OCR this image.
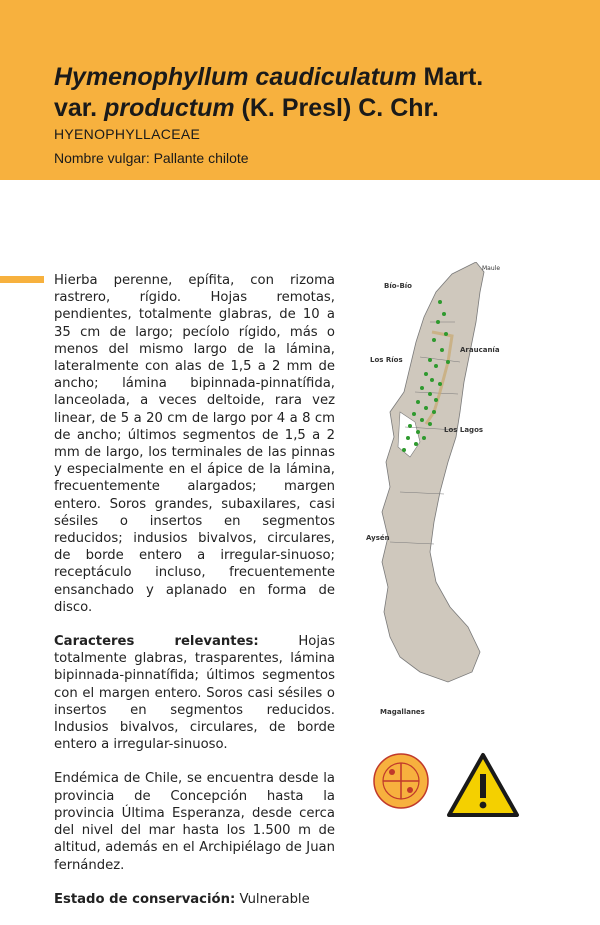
Hymenophyllum caudiculatum Mart.
var. productum (K. Presl) C. Chr.
HYENOPHYLLACEAE
Nombre vulgar: Pallante chilote

Hierba perenne, epífita, con rizoma rastrero, rígido. Hojas remotas, pendientes, totalmente glabras, de 10 a 35 cm de largo; pecíolo rígido, más o menos del mismo largo de la lámina, lateralmente con alas de 1,5 a 2 mm de ancho; lámina bipinnada-pinnatífida, lanceolada, a veces deltoide, rara vez linear, de 5 a 20 cm de largo por 4 a 8 cm de ancho; últimos segmentos de 1,5 a 2 mm de largo, los terminales de las pinnas y especialmente en el ápice de la lámina, frecuentemente alargados; margen entero. Soros grandes, subaxilares, casi sésiles o insertos en segmentos reducidos; indusios bivalvos, circulares, de borde entero a irregular-sinuoso; receptáculo incluso, frecuentemente ensanchado y aplanado en forma de disco.

Caracteres relevantes: Hojas totalmente glabras, trasparentes, lámina bipinnada-pinnatífida; últimos segmentos con el margen entero. Soros casi sésiles o insertos en segmentos reducidos. Indusios bivalvos, circulares, de borde entero a irregular-sinuoso.

Endémica de Chile, se encuentra desde la provincia de Concepción hasta la provincia Última Esperanza, desde cerca del nivel del mar hasta los 1.500 m de altitud, además en el Archipiélago de Juan fernández.

Estado de conservación: Vulnerable

Maule
Bío-Bío
Araucanía
Los Ríos
Los Lagos
Aysén
Magallanes
